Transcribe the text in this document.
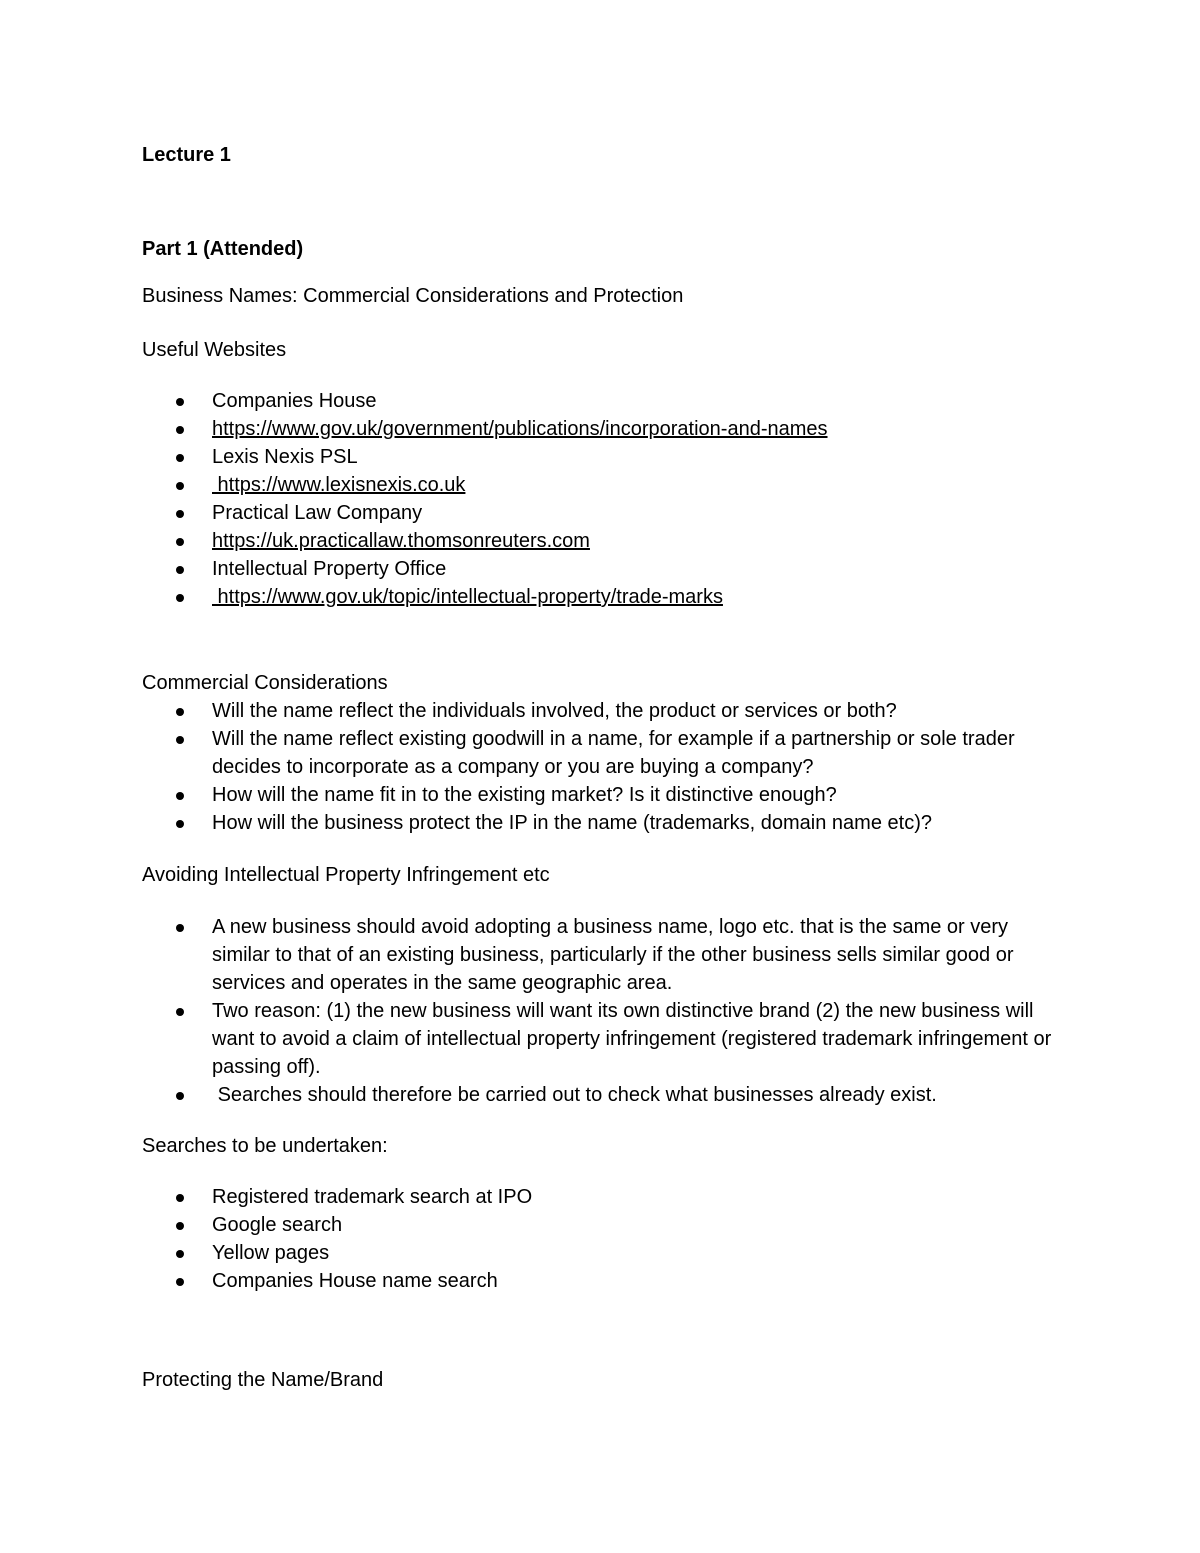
Lecture 1
Part 1 (Attended)
Business Names: Commercial Considerations and Protection
Useful Websites
Companies House
https://www.gov.uk/government/publications/incorporation-and-names
Lexis Nexis PSL
https://www.lexisnexis.co.uk
Practical Law Company
https://uk.practicallaw.thomsonreuters.com
Intellectual Property Office
https://www.gov.uk/topic/intellectual-property/trade-marks
Commercial Considerations
Will the name reflect the individuals involved, the product or services or both?
Will the name reflect existing goodwill in a name, for example if a partnership or sole trader decides to incorporate as a company or you are buying a company?
How will the name fit in to the existing market? Is it distinctive enough?
How will the business protect the IP in the name (trademarks, domain name etc)?
Avoiding Intellectual Property Infringement etc
A new business should avoid adopting a business name, logo etc. that is the same or very similar to that of an existing business, particularly if the other business sells similar good or services and operates in the same geographic area.
Two reason: (1) the new business will want its own distinctive brand (2) the new business will want to avoid a claim of intellectual property infringement (registered trademark infringement or passing off).
Searches should therefore be carried out to check what businesses already exist.
Searches to be undertaken:
Registered trademark search at IPO
Google search
Yellow pages
Companies House name search
Protecting the Name/Brand
